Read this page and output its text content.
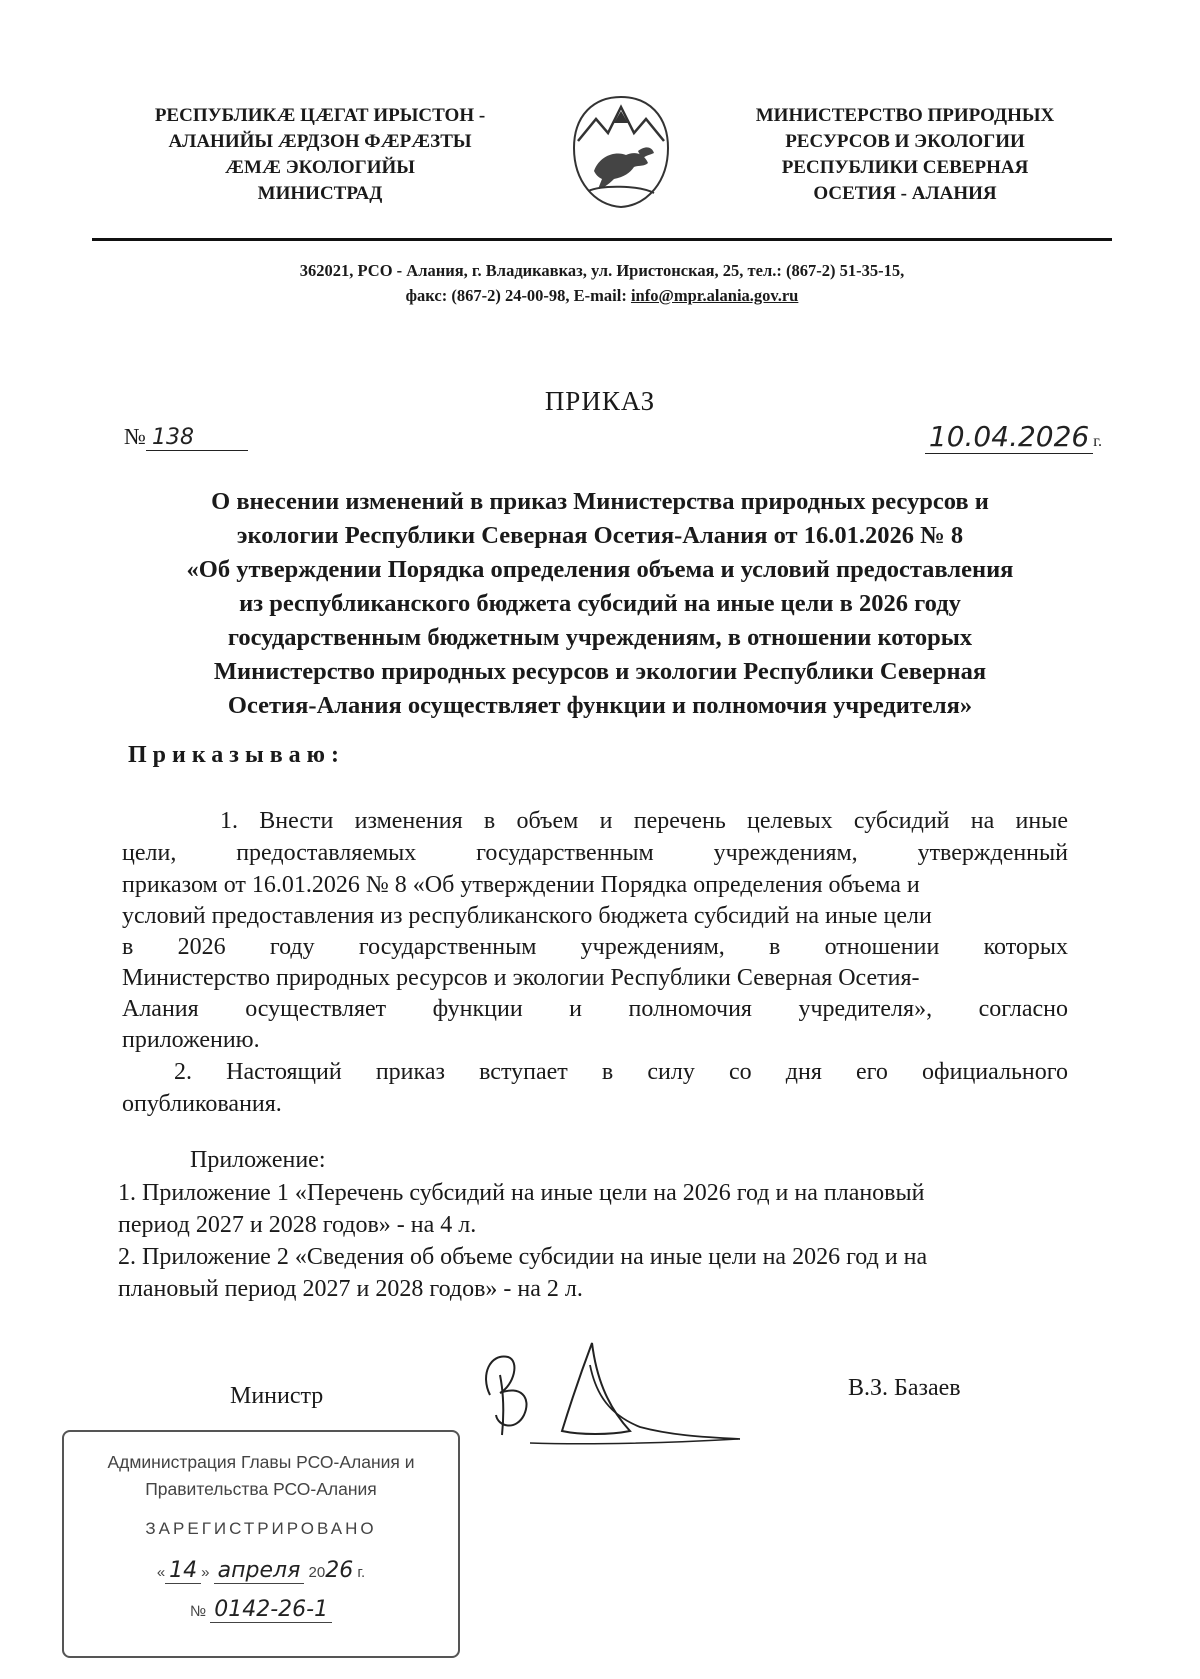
РЕСПУБЛИКӔ ЦӔГАТ ИРЫСТОН -
АЛАНИЙЫ ӔРДЗОН ФӔРӔЗТЫ
ӔМӔ ЭКОЛОГИЙЫ
МИНИСТРАД
МИНИСТЕРСТВО ПРИРОДНЫХ
РЕСУРСОВ И ЭКОЛОГИИ
РЕСПУБЛИКИ СЕВЕРНАЯ
ОСЕТИЯ - АЛАНИЯ
362021, РСО - Алания, г. Владикавказ, ул. Иристонская, 25, тел.: (867-2) 51-35-15,
факс: (867-2) 24-00-98, E-mail: info@mpr.alania.gov.ru
ПРИКАЗ
№ 138	10.04.2026 г.
О внесении изменений в приказ Министерства природных ресурсов и
экологии Республики Северная Осетия-Алания от 16.01.2026 № 8
«Об утверждении Порядка определения объема и условий предоставления
из республиканского бюджета субсидий на иные цели в 2026 году
государственным бюджетным учреждениям, в отношении которых
Министерство природных ресурсов и экологии Республики Северная
Осетия-Алания осуществляет функции и полномочия учредителя»
Приказываю:
1. Внести изменения в объем и перечень целевых субсидий на иные
цели, предоставляемых государственным учреждениям, утвержденный
приказом от 16.01.2026 № 8 «Об утверждении Порядка определения объема и
условий предоставления из республиканского бюджета субсидий на иные цели
в 2026 году государственным учреждениям, в отношении которых
Министерство природных ресурсов и экологии Республики Северная Осетия-
Алания осуществляет функции и полномочия учредителя», согласно
приложению.
2. Настоящий приказ вступает в силу со дня его официального
опубликования.
Приложение:
1. Приложение 1 «Перечень субсидий на иные цели на 2026 год и на плановый
период 2027 и 2028 годов» - на 4 л.
2. Приложение 2 «Сведения об объеме субсидии на иные цели на 2026 год и на
плановый период 2027 и 2028 годов» - на 2 л.
Министр	В.З. Базаев
Администрация Главы РСО-Алания и
Правительства РСО-Алания
ЗАРЕГИСТРИРОВАНО
« 14 » апреля 2026 г.
№ 0142-26-1
